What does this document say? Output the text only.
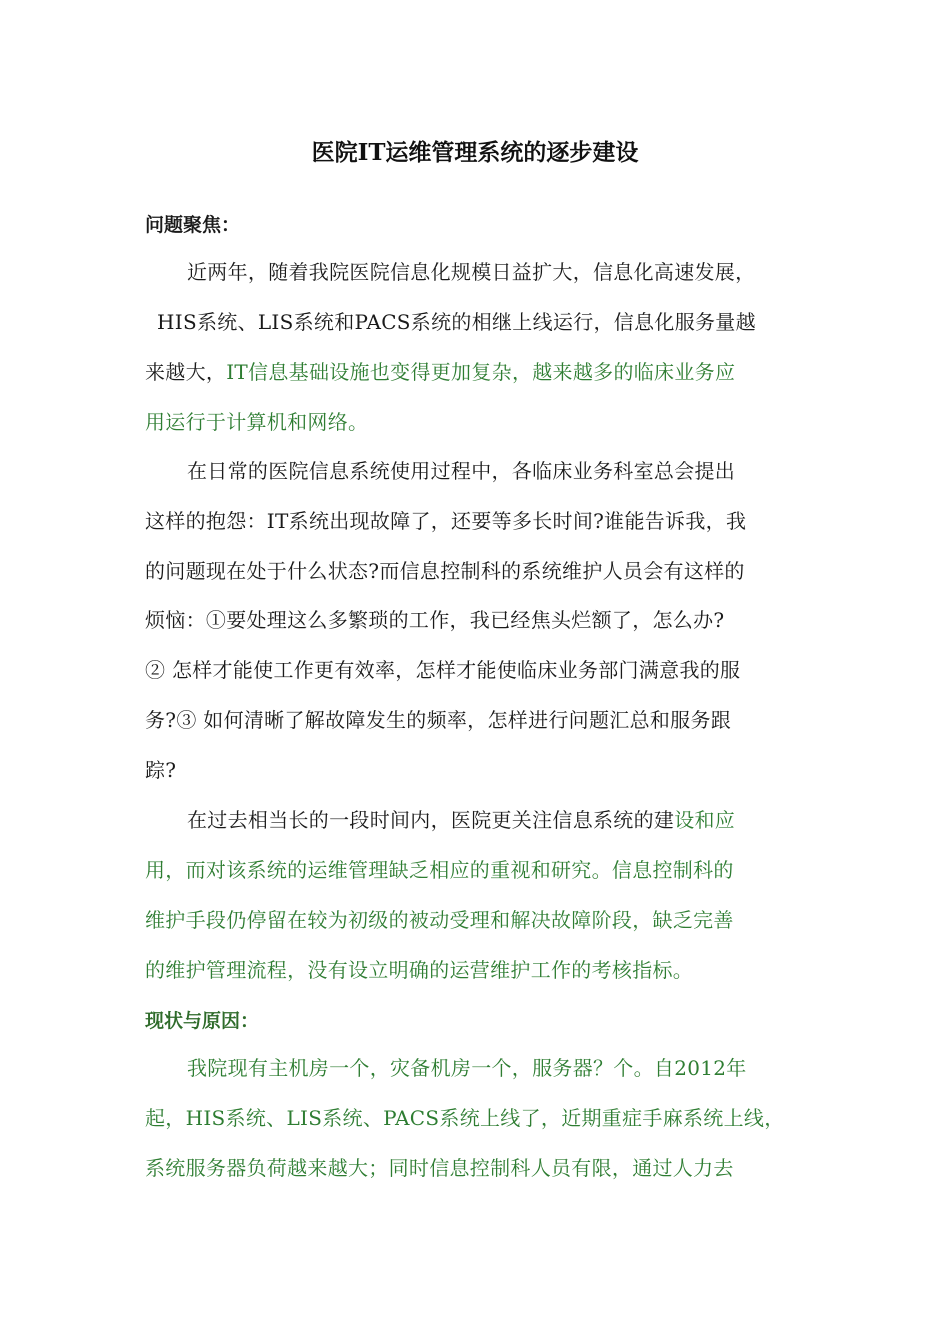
医院IT运维管理系统的逐步建设
问题聚焦：
近两年，随着我院医院信息化规模日益扩大，信息化高速发展，
HIS系统、LIS系统和PACS系统的相继上线运行，信息化服务量越
来越大，IT信息基础设施也变得更加复杂，越来越多的临床业务应
用运行于计算机和网络。
在日常的医院信息系统使用过程中，各临床业务科室总会提出
这样的抱怨：IT系统出现故障了，还要等多长时间?谁能告诉我，我
的问题现在处于什么状态?而信息控制科的系统维护人员会有这样的
烦恼：①要处理这么多繁琐的工作，我已经焦头烂额了，怎么办?
② 怎样才能使工作更有效率，怎样才能使临床业务部门满意我的服
务?③ 如何清晰了解故障发生的频率，怎样进行问题汇总和服务跟
踪?
在过去相当长的一段时间内，医院更关注信息系统的建设和应
用，而对该系统的运维管理缺乏相应的重视和研究。信息控制科的
维护手段仍停留在较为初级的被动受理和解决故障阶段，缺乏完善
的维护管理流程，没有设立明确的运营维护工作的考核指标。
现状与原因：
我院现有主机房一个，灾备机房一个，服务器？个。自2012年
起，HIS系统、LIS系统、PACS系统上线了，近期重症手麻系统上线，
系统服务器负荷越来越大；同时信息控制科人员有限，通过人力去
